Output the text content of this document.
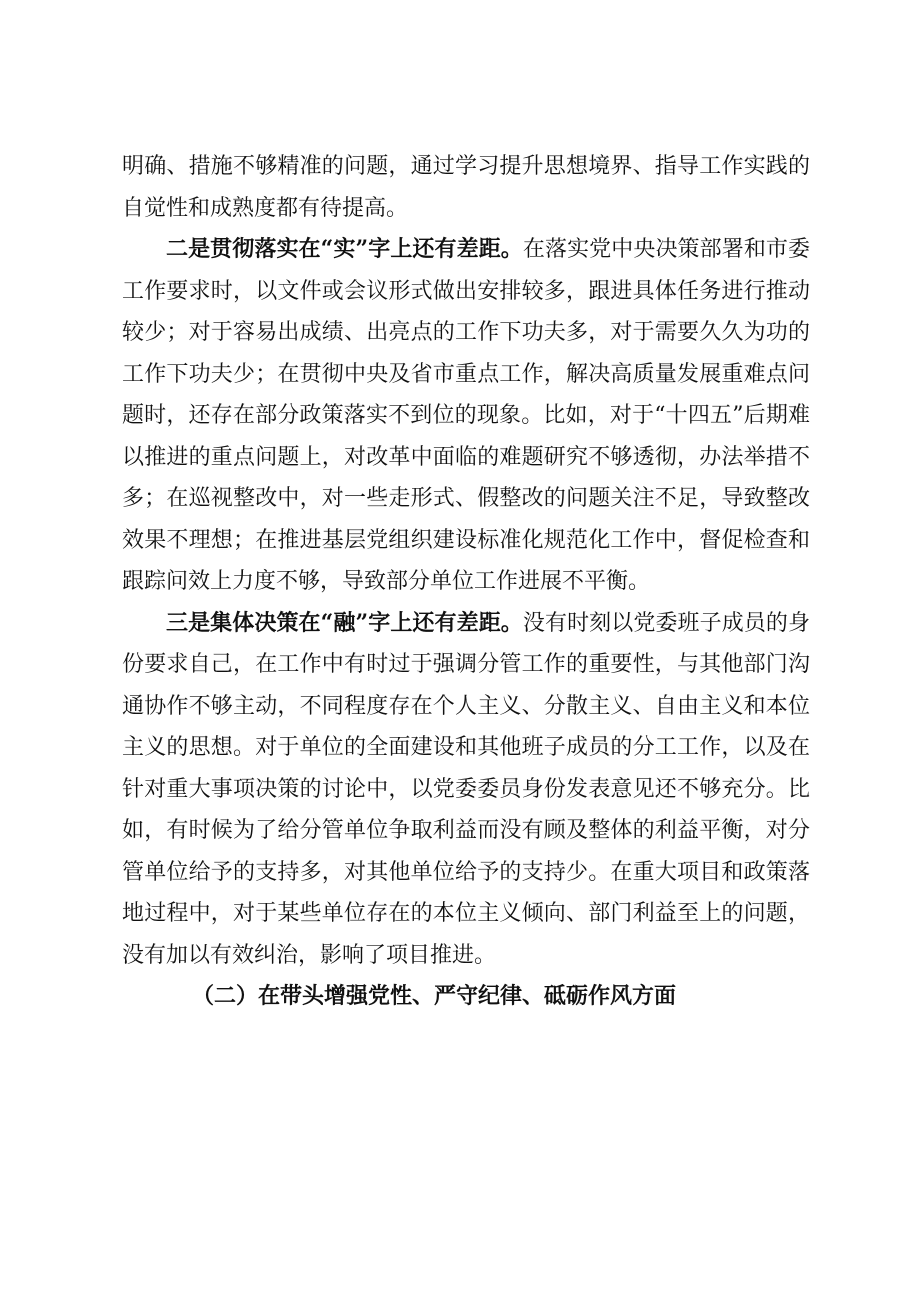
明确、措施不够精准的问题，通过学习提升思想境界、指导工作实践的自觉性和成熟度都有待提高。

二是贯彻落实在“实”字上还有差距。在落实党中央决策部署和市委工作要求时，以文件或会议形式做出安排较多，跟进具体任务进行推动较少；对于容易出成绩、出亮点的工作下功夫多，对于需要久久为功的工作下功夫少；在贯彻中央及省市重点工作，解决高质量发展重难点问题时，还存在部分政策落实不到位的现象。比如，对于“十四五”后期难以推进的重点问题上，对改革中面临的难题研究不够透彻，办法举措不多；在巡视整改中，对一些走形式、假整改的问题关注不足，导致整改效果不理想；在推进基层党组织建设标准化规范化工作中，督促检查和跟踪问效上力度不够，导致部分单位工作进展不平衡。

三是集体决策在“融”字上还有差距。没有时刻以党委班子成员的身份要求自己，在工作中有时过于强调分管工作的重要性，与其他部门沟通协作不够主动，不同程度存在个人主义、分散主义、自由主义和本位主义的思想。对于单位的全面建设和其他班子成员的分工工作，以及在针对重大事项决策的讨论中，以党委委员身份发表意见还不够充分。比如，有时候为了给分管单位争取利益而没有顾及整体的利益平衡，对分管单位给予的支持多，对其他单位给予的支持少。在重大项目和政策落地过程中，对于某些单位存在的本位主义倾向、部门利益至上的问题，没有加以有效纠治，影响了项目推进。

（二）在带头增强党性、严守纪律、砥砺作风方面
